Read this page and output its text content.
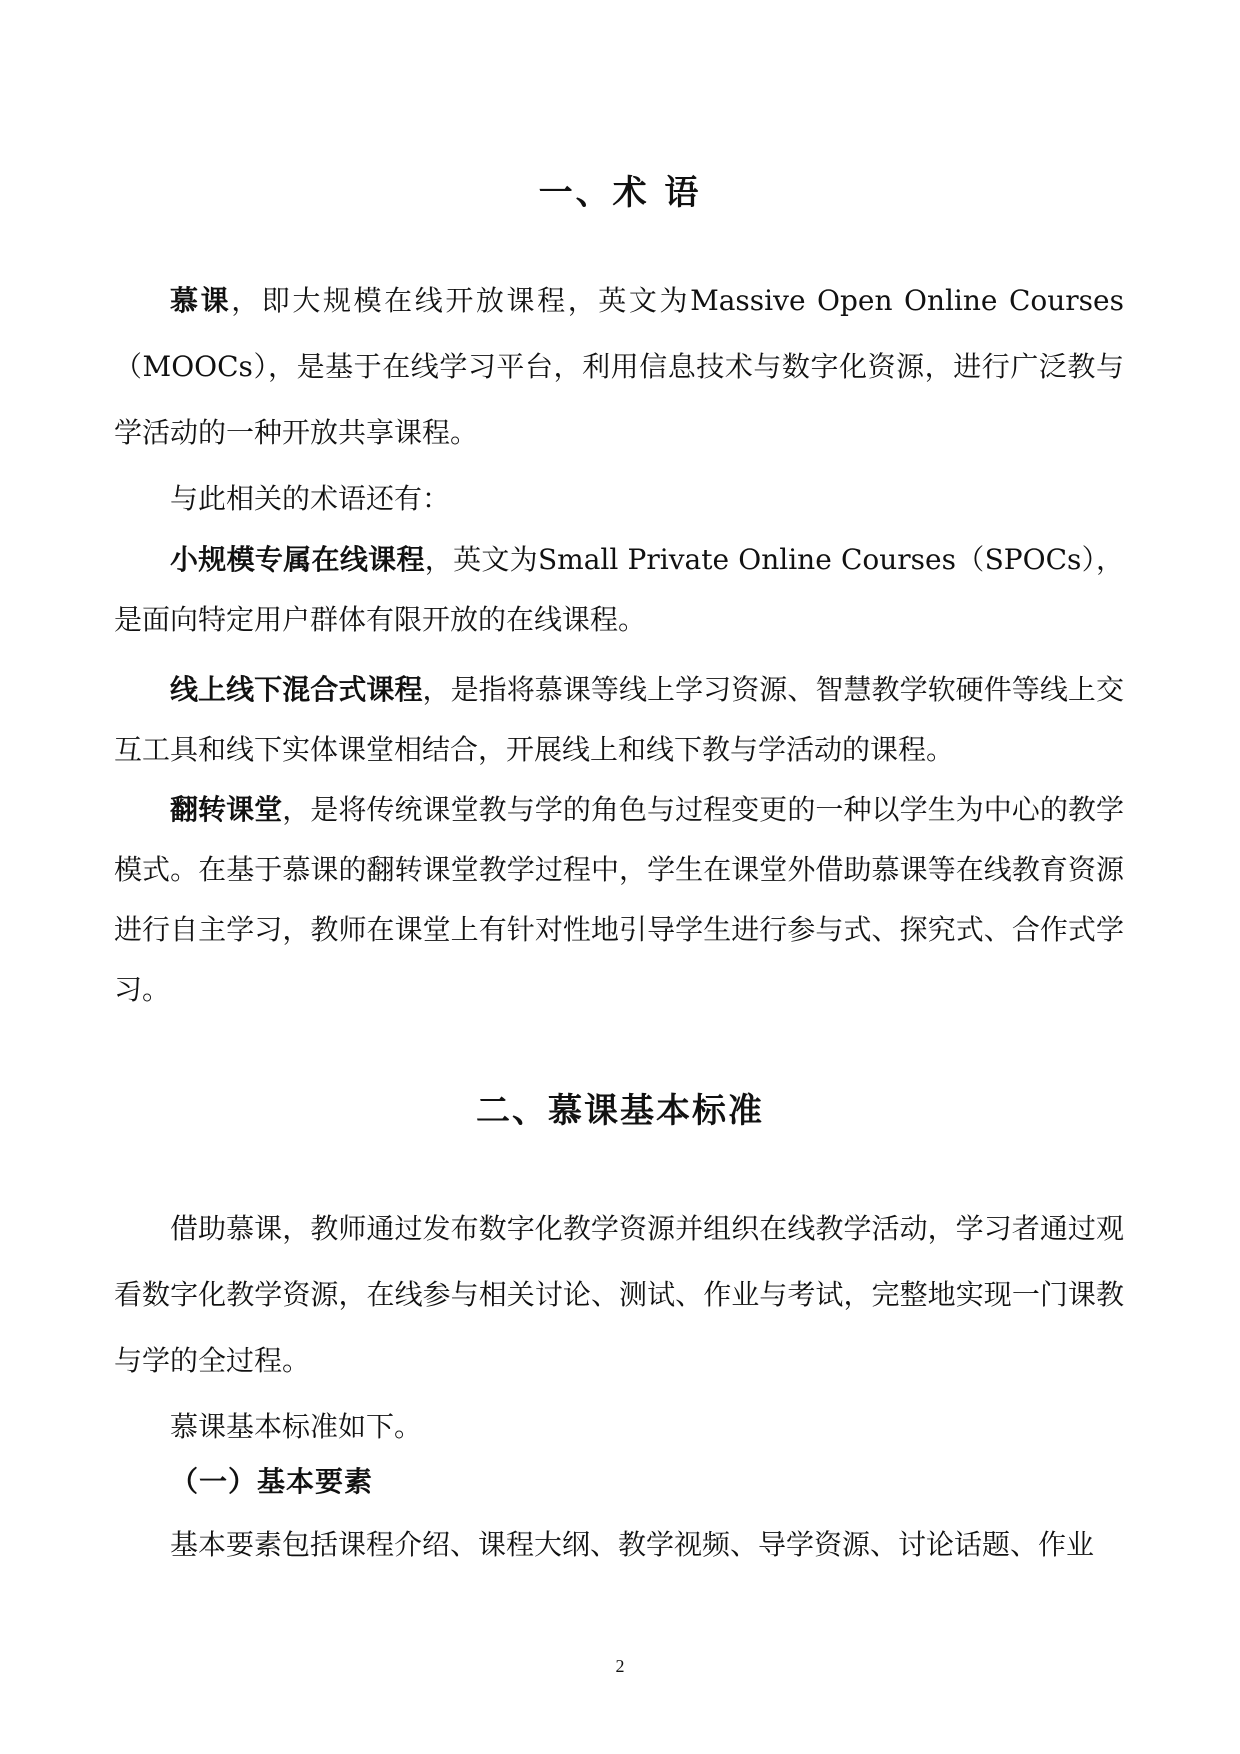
一、术 语

慕课，即大规模在线开放课程，英文为Massive Open Online Courses（MOOCs），是基于在线学习平台，利用信息技术与数字化资源，进行广泛教与学活动的一种开放共享课程。

与此相关的术语还有：

小规模专属在线课程，英文为Small Private Online Courses（SPOCs），是面向特定用户群体有限开放的在线课程。

线上线下混合式课程，是指将慕课等线上学习资源、智慧教学软硬件等线上交互工具和线下实体课堂相结合，开展线上和线下教与学活动的课程。

翻转课堂，是将传统课堂教与学的角色与过程变更的一种以学生为中心的教学模式。在基于慕课的翻转课堂教学过程中，学生在课堂外借助慕课等在线教育资源进行自主学习，教师在课堂上有针对性地引导学生进行参与式、探究式、合作式学习。

二、慕课基本标准

借助慕课，教师通过发布数字化教学资源并组织在线教学活动，学习者通过观看数字化教学资源，在线参与相关讨论、测试、作业与考试，完整地实现一门课教与学的全过程。

慕课基本标准如下。

（一）基本要素

基本要素包括课程介绍、课程大纲、教学视频、导学资源、讨论话题、作业

2
